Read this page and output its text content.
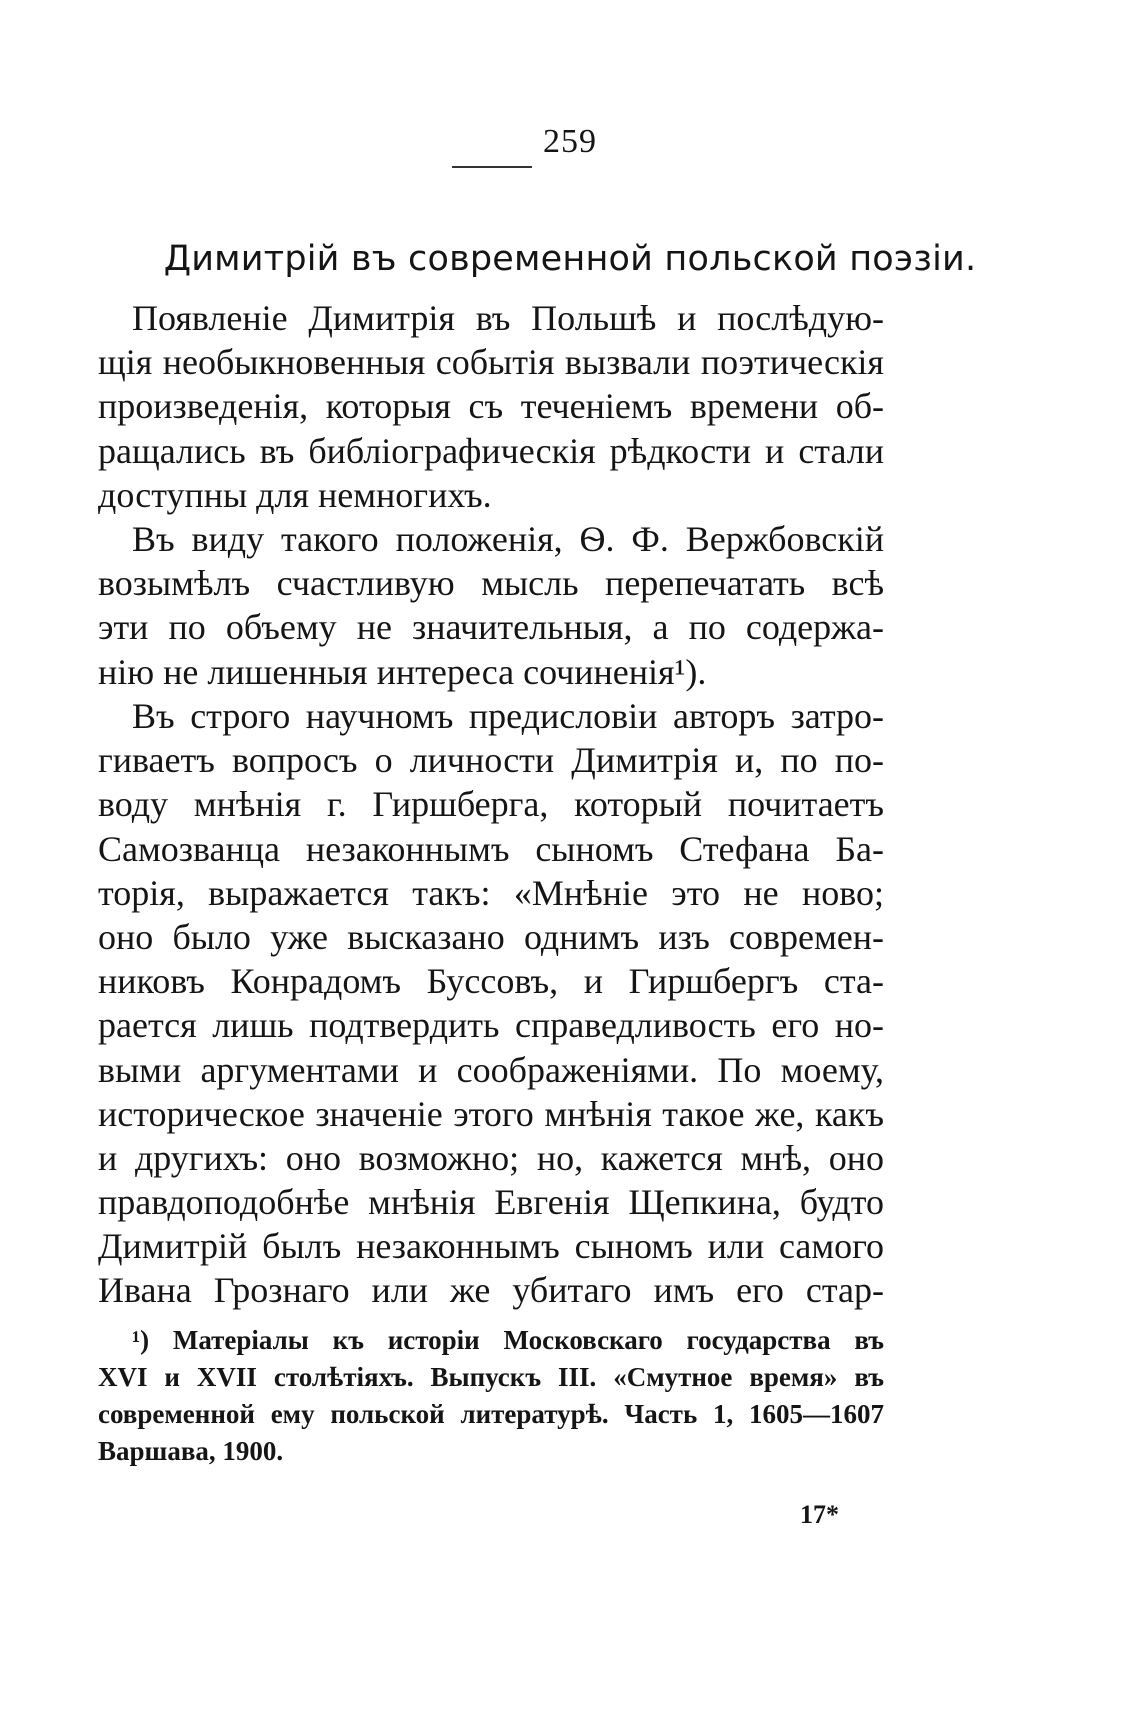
259
Димитрій въ современной польской поэзіи.
Появленіе Димитрія въ Польшѣ и послѣдую-
щія необыкновенныя событія вызвали поэтическія
произведенія, которыя съ теченіемъ времени об-
ращались въ библіографическія рѣдкости и стали
доступны для немногихъ.
Въ виду такого положенія, Ѳ. Ф. Вержбовскій
возымѣлъ счастливую мысль перепечатать всѣ
эти по объему не значительныя, а по содержа-
нію не лишенныя интереса сочиненія¹).
Въ строго научномъ предисловіи авторъ затро-
гиваетъ вопросъ о личности Димитрія и, по по-
воду мнѣнія г. Гиршберга, который почитаетъ
Самозванца незаконнымъ сыномъ Стефана Ба-
торія, выражается такъ: «Мнѣніе это не ново;
оно было уже высказано однимъ изъ современ-
никовъ Конрадомъ Буссовъ, и Гиршбергъ ста-
рается лишь подтвердить справедливость его но-
выми аргументами и соображеніями. По моему,
историческое значеніе этого мнѣнія такое же, какъ
и другихъ: оно возможно; но, кажется мнѣ, оно
правдоподобнѣе мнѣнія Евгенія Щепкина, будто
Димитрій былъ незаконнымъ сыномъ или самого
Ивана Грознаго или же убитаго имъ его стар-
¹) Матеріалы къ исторіи Московскаго государства въ
XVI и XVII столѣтіяхъ. Выпускъ III. «Смутное время» въ
современной ему польской литературѣ. Часть 1, 1605—1607
Варшава, 1900.
17*
